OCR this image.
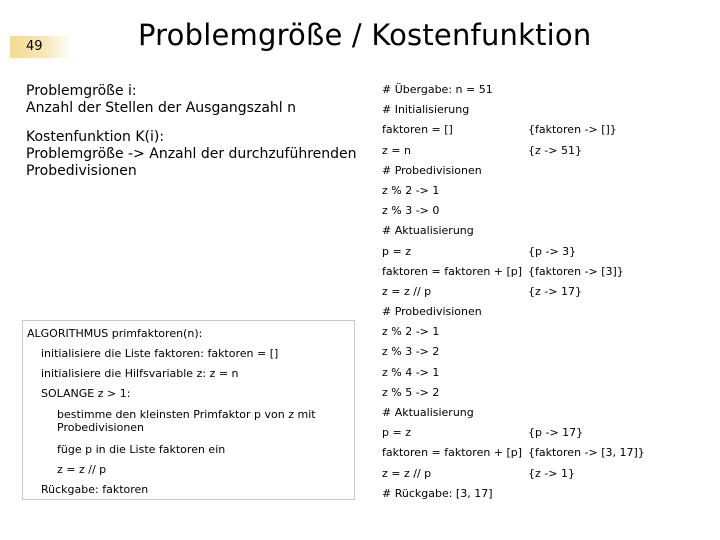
49	Problemgröße / Kostenfunktion

Problemgröße i:
Anzahl der Stellen der Ausgangszahl n

Kostenfunktion K(i):
Problemgröße -> Anzahl der durchzuführenden
Probedivisionen

ALGORITHMUS primfaktoren(n):
initialisiere die Liste faktoren: faktoren = []
initialisiere die Hilfsvariable z: z = n
SOLANGE z > 1:
bestimme den kleinsten Primfaktor p von z mit Probedivisionen
füge p in die Liste faktoren ein
z = z // p
Rückgabe: faktoren
# Übergabe: n = 51
# Initialisierung
faktoren = []	{faktoren -> []}
z = n	{z -> 51}
# Probedivisionen
z % 2 -> 1
z % 3 -> 0
# Aktualisierung
p = z	{p -> 3}
faktoren = faktoren + [p] {faktoren -> [3]}
z = z // p	{z -> 17}
# Probedivisionen
z % 2 -> 1
z % 3 -> 2
z % 4 -> 1
z % 5 -> 2
# Aktualisierung
p = z	{p -> 17}
faktoren = faktoren + [p] {faktoren -> [3, 17]}
z = z // p	{z -> 1}
# Rückgabe: [3, 17]
